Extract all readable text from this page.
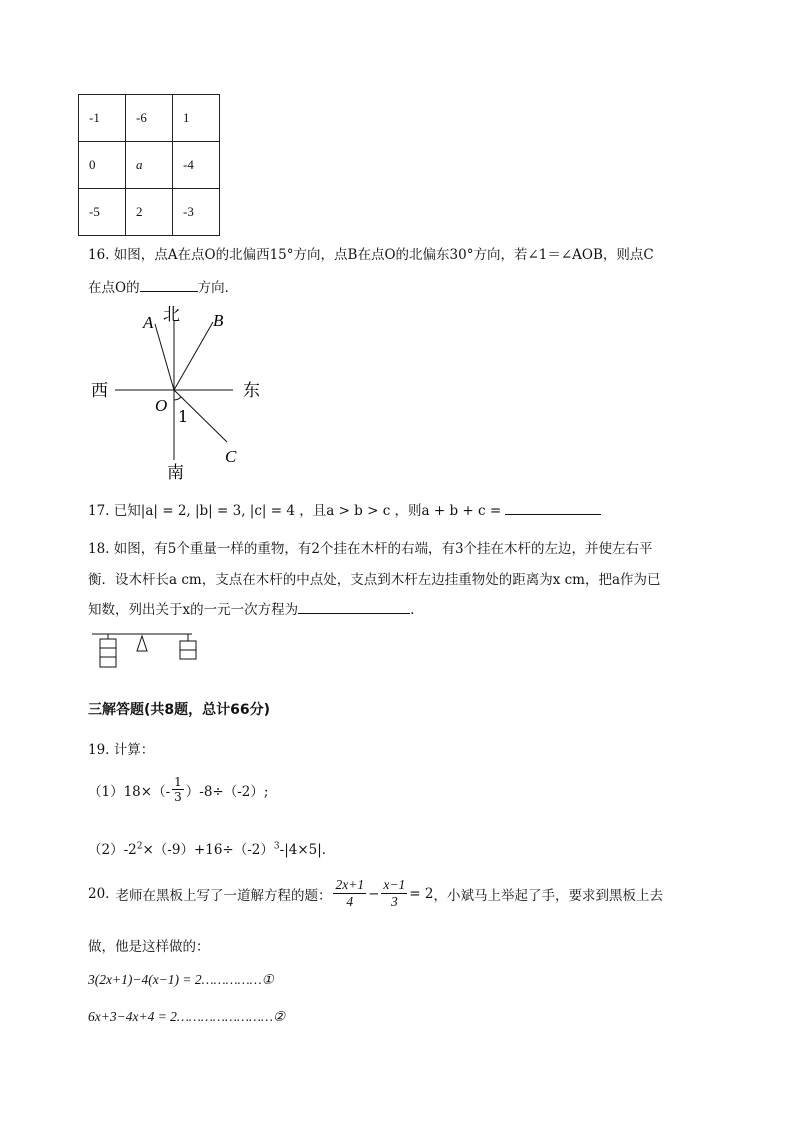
-1	-6	1
0	a	-4
-5	2	-3
16. 如图，点A在点O的北偏西15°方向，点B在点O的北偏东30°方向，若∠1＝∠AOB，则点C
在点O的	方向．
北
南
西	东
A	B
C
O
1
17. 已知|a| = 2, |b| = 3, |c| = 4 ，且a > b > c ，则a + b + c =
18. 如图，有5个重量一样的重物，有2个挂在木杆的右端，有3个挂在木杆的左边，并使左右平
衡．设木杆长a cm，支点在木杆的中点处，支点到木杆左边挂重物处的距离为x cm，把a作为已
知数，列出关于x的一元一次方程为	.
三解答题(共8题，总计66分)
19. 计算：
$(1)18\times(- \frac{1}{3} )-8\div(-2)$;
$(2)-2^2\times(-9)+16\div(-2)^3-|4\times 5|$．
20. 老师在黑板上写了一道解方程的题： $\frac{2x+1}{4} - \frac{x-1}{3} = 2$ ，小斌马上举起了手，要求到黑板上去
做，他是这样做的：
3(2x+1)−4(x−1) = 2……………①
6x+3−4x+4 = 2……………………②
